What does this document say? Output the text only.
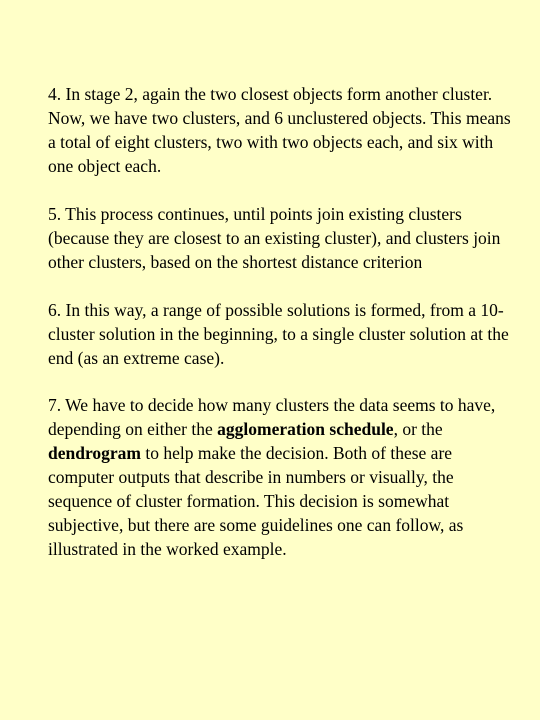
4. In stage 2, again the two closest objects form another cluster. Now, we have two clusters, and 6 unclustered objects. This means a total of eight clusters, two with two objects each, and six with one object each.

5. This process continues, until points join existing clusters (because they are closest to an existing cluster), and clusters join other clusters, based on the shortest distance criterion

6. In this way, a range of possible solutions is formed, from a 10-cluster solution in the beginning, to a single cluster solution at the end (as an extreme case).

7. We have to decide how many clusters the data seems to have, depending on either the agglomeration schedule, or the dendrogram to help make the decision. Both of these are computer outputs that describe in numbers or visually, the sequence of cluster formation. This decision is somewhat subjective, but there are some guidelines one can follow, as illustrated in the worked example.
